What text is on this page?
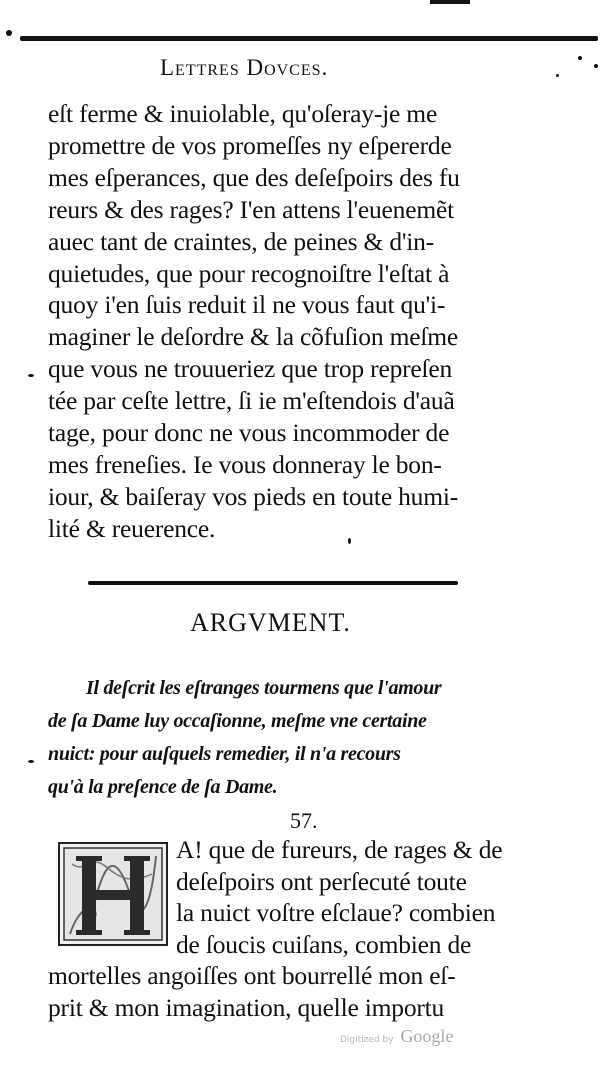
Lettres Dovces.
eſt ferme & inuiolable, qu'oſeray-je me
promettre de vos promeſſes ny eſpererde
mes eſperances, que des deſeſpoirs des fu
reurs & des rages? I'en attens l'euenemẽt
auec tant de craintes, de peines & d'in-
quietudes, que pour recognoiſtre l'eſtat à
quoy i'en ſuis reduit il ne vous faut qu'i-
maginer le deſordre & la cõfuſion meſme
que vous ne trouueriez que trop repreſen
tée par ceſte lettre, ſi ie m'eſtendois d'auã
tage, pour donc ne vous incommoder de
mes freneſies. Ie vous donneray le bon-
iour, & baiſeray vos pieds en toute humi-
lité & reuerence.
ARGVMENT.
Il deſcrit les eſtranges tourmens que l'amour
de ſa Dame luy occaſionne, meſme vne certaine
nuict: pour auſquels remedier, il n'a recours
qu'à la preſence de ſa Dame.
57.
A! que de fureurs, de rages & de
deſeſpoirs ont perſecuté toute
la nuict voſtre eſclaue? combien
de ſoucis cuiſans, combien de
mortelles angoiſſes ont bourrellé mon eſ-
prit & mon imagination, quelle importu
Digitized by Google
